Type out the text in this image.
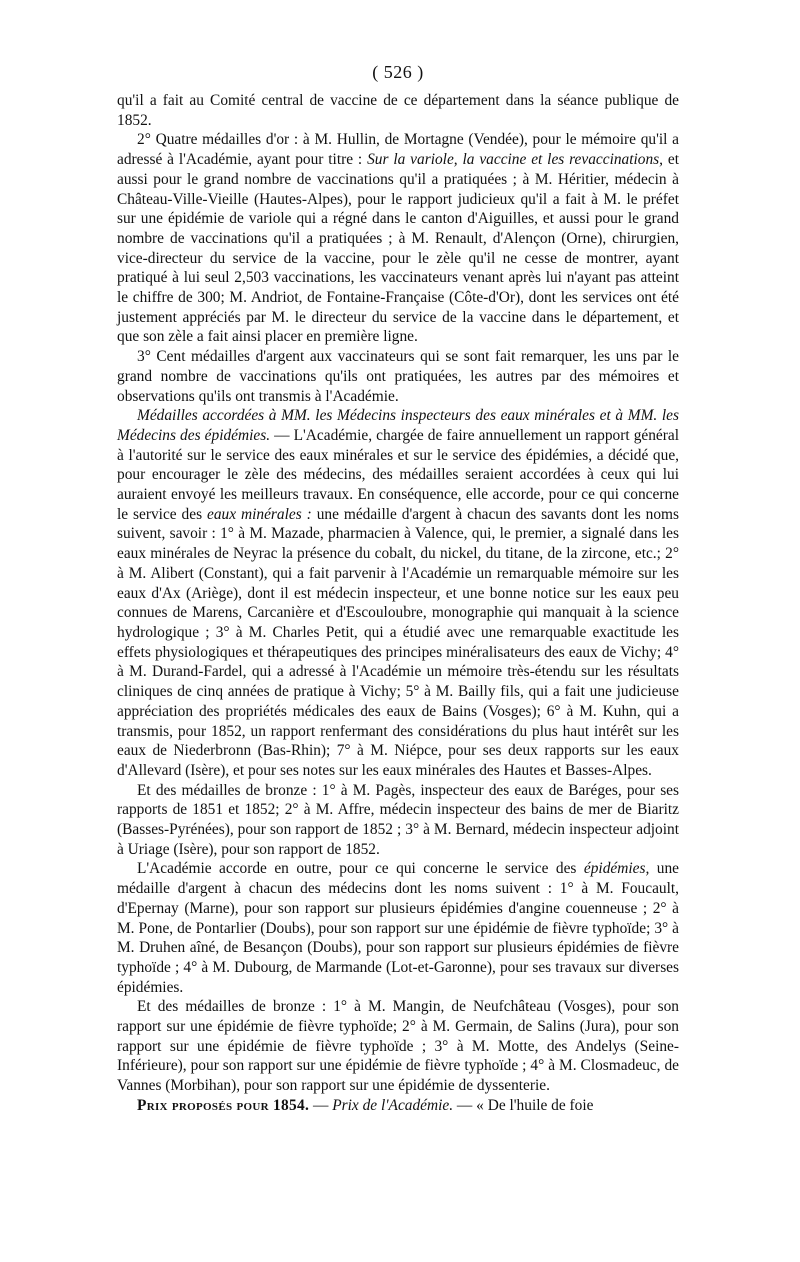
( 526 )

qu'il a fait au Comité central de vaccine de ce département dans la séance publique de 1852.

2° Quatre médailles d'or : à M. Hullin, de Mortagne (Vendée), pour le mémoire qu'il a adressé à l'Académie, ayant pour titre : Sur la variole, la vaccine et les revaccinations, et aussi pour le grand nombre de vaccinations qu'il a pratiquées ; à M. Héritier, médecin à Château-Ville-Vieille (Hautes-Alpes), pour le rapport judicieux qu'il a fait à M. le préfet sur une épidémie de variole qui a régné dans le canton d'Aiguilles, et aussi pour le grand nombre de vaccinations qu'il a pratiquées ; à M. Renault, d'Alençon (Orne), chirurgien, vice-directeur du service de la vaccine, pour le zèle qu'il ne cesse de montrer, ayant pratiqué à lui seul 2,503 vaccinations, les vaccinateurs venant après lui n'ayant pas atteint le chiffre de 300; M. Andriot, de Fontaine-Française (Côte-d'Or), dont les services ont été justement appréciés par M. le directeur du service de la vaccine dans le département, et que son zèle a fait ainsi placer en première ligne.

3° Cent médailles d'argent aux vaccinateurs qui se sont fait remarquer, les uns par le grand nombre de vaccinations qu'ils ont pratiquées, les autres par des mémoires et observations qu'ils ont transmis à l'Académie.

Médailles accordées à MM. les Médecins inspecteurs des eaux minérales et à MM. les Médecins des épidémies. — L'Académie, chargée de faire annuellement un rapport général à l'autorité sur le service des eaux minérales et sur le service des épidémies, a décidé que, pour encourager le zèle des médecins, des médailles seraient accordées à ceux qui lui auraient envoyé les meilleurs travaux. En conséquence, elle accorde, pour ce qui concerne le service des eaux minérales : une médaille d'argent à chacun des savants dont les noms suivent, savoir : 1° à M. Mazade, pharmacien à Valence, qui, le premier, a signalé dans les eaux minérales de Neyrac la présence du cobalt, du nickel, du titane, de la zircone, etc.; 2° à M. Alibert (Constant), qui a fait parvenir à l'Académie un remarquable mémoire sur les eaux d'Ax (Ariège), dont il est médecin inspecteur, et une bonne notice sur les eaux peu connues de Marens, Carcanière et d'Escouloubre, monographie qui manquait à la science hydrologique ; 3° à M. Charles Petit, qui a étudié avec une remarquable exactitude les effets physiologiques et thérapeutiques des principes minéralisateurs des eaux de Vichy; 4° à M. Durand-Fardel, qui a adressé à l'Académie un mémoire très-étendu sur les résultats cliniques de cinq années de pratique à Vichy; 5° à M. Bailly fils, qui a fait une judicieuse appréciation des propriétés médicales des eaux de Bains (Vosges); 6° à M. Kuhn, qui a transmis, pour 1852, un rapport renfermant des considérations du plus haut intérêt sur les eaux de Niederbronn (Bas-Rhin); 7° à M. Niépce, pour ses deux rapports sur les eaux d'Allevard (Isère), et pour ses notes sur les eaux minérales des Hautes et Basses-Alpes.

Et des médailles de bronze : 1° à M. Pagès, inspecteur des eaux de Baréges, pour ses rapports de 1851 et 1852; 2° à M. Affre, médecin inspecteur des bains de mer de Biaritz (Basses-Pyrénées), pour son rapport de 1852 ; 3° à M. Bernard, médecin inspecteur adjoint à Uriage (Isère), pour son rapport de 1852.

L'Académie accorde en outre, pour ce qui concerne le service des épidémies, une médaille d'argent à chacun des médecins dont les noms suivent : 1° à M. Foucault, d'Epernay (Marne), pour son rapport sur plusieurs épidémies d'angine couenneuse ; 2° à M. Pone, de Pontarlier (Doubs), pour son rapport sur une épidémie de fièvre typhoïde; 3° à M. Druhen aîné, de Besançon (Doubs), pour son rapport sur plusieurs épidémies de fièvre typhoïde ; 4° à M. Dubourg, de Marmande (Lot-et-Garonne), pour ses travaux sur diverses épidémies.

Et des médailles de bronze : 1° à M. Mangin, de Neufchâteau (Vosges), pour son rapport sur une épidémie de fièvre typhoïde; 2° à M. Germain, de Salins (Jura), pour son rapport sur une épidémie de fièvre typhoïde ; 3° à M. Motte, des Andelys (Seine-Inférieure), pour son rapport sur une épidémie de fièvre typhoïde ; 4° à M. Closmadeuc, de Vannes (Morbihan), pour son rapport sur une épidémie de dyssenterie.

Prix proposés pour 1854. — Prix de l'Académie. — « De l'huile de foie
